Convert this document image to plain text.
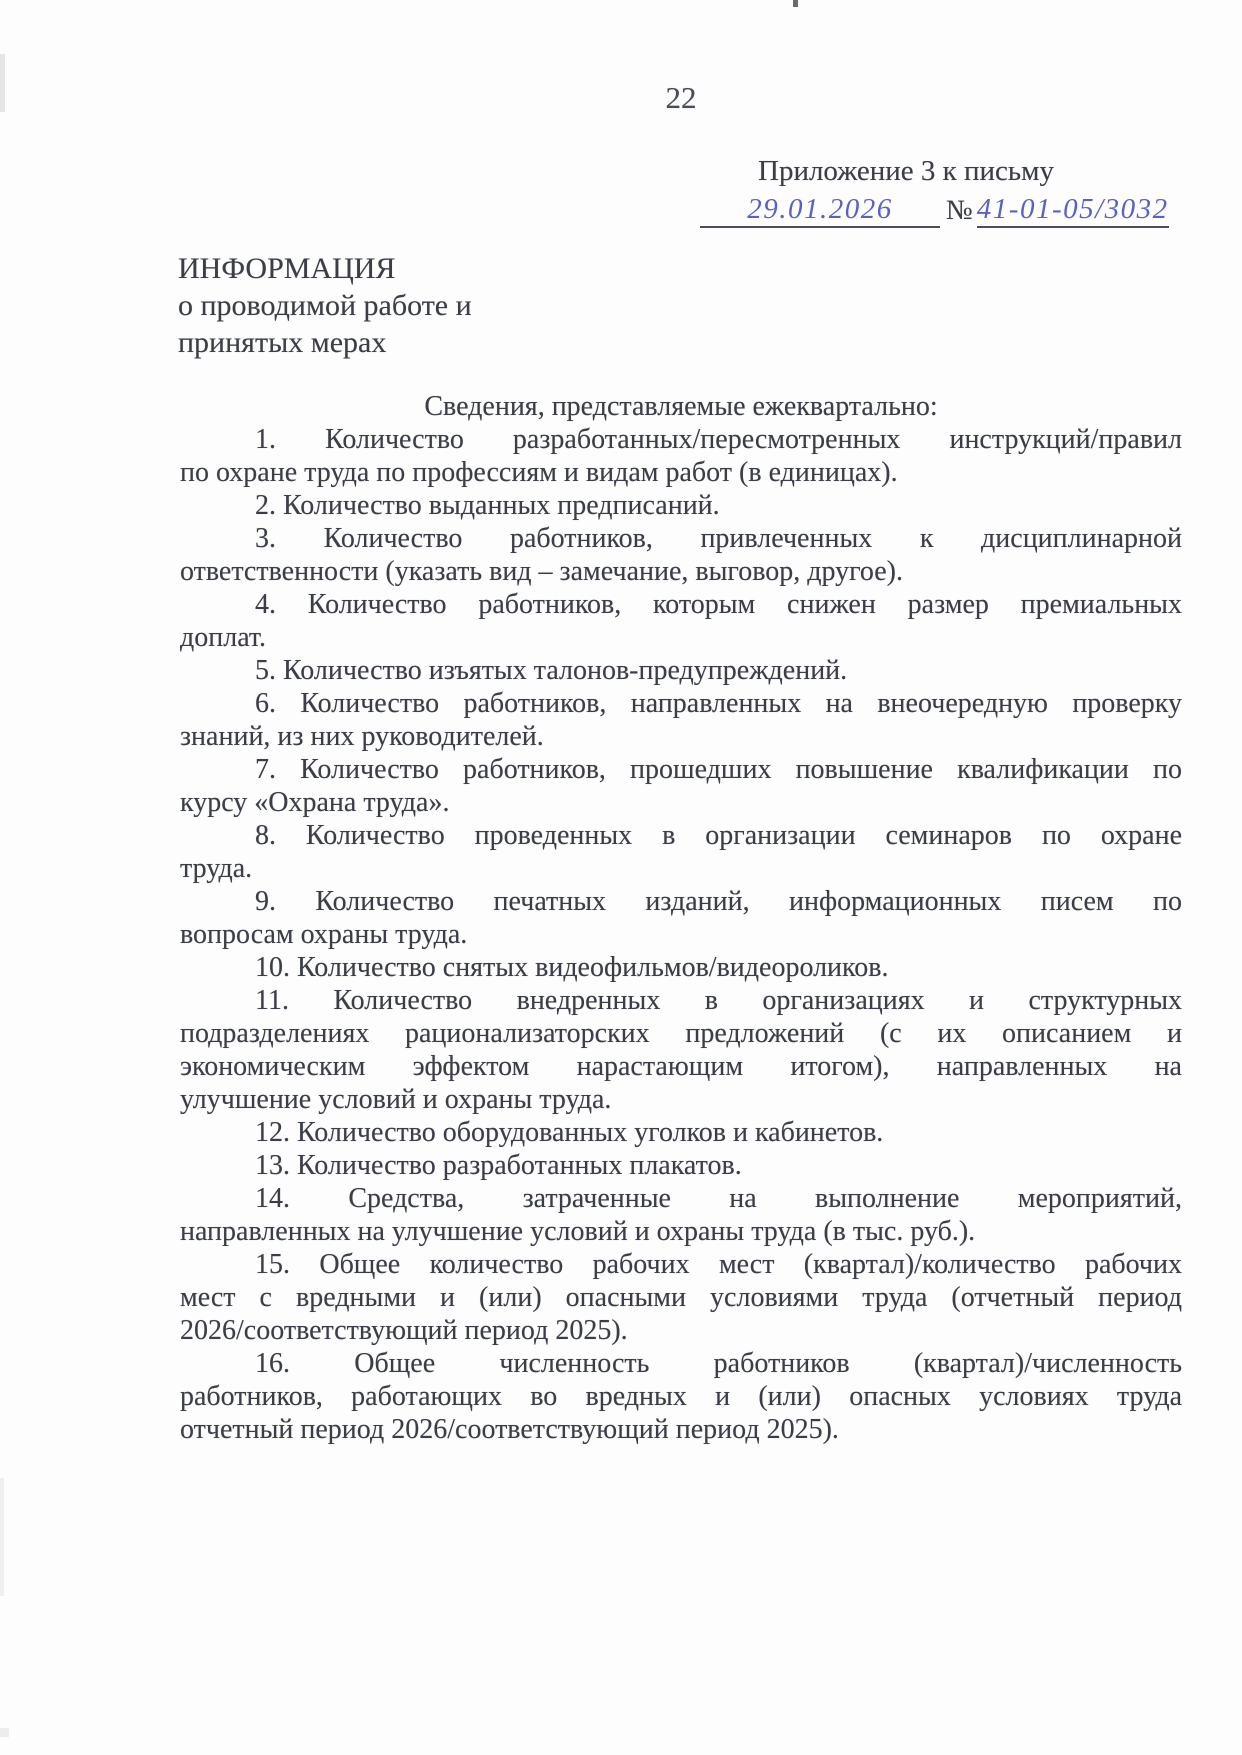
22
Приложение 3 к письму
29.01.2026	№ 41-01-05/3032
ИНФОРМАЦИЯ
о проводимой работе и
принятых мерах
Сведения, представляемые ежеквартально:
1. Количество разработанных/пересмотренных инструкций/правил
по охране труда по профессиям и видам работ (в единицах).
2. Количество выданных предписаний.
3. Количество работников, привлеченных к дисциплинарной
ответственности (указать вид – замечание, выговор, другое).
4. Количество работников, которым снижен размер премиальных
доплат.
5. Количество изъятых талонов-предупреждений.
6. Количество работников, направленных на внеочередную проверку
знаний, из них руководителей.
7. Количество работников, прошедших повышение квалификации по
курсу «Охрана труда».
8. Количество проведенных в организации семинаров по охране
труда.
9. Количество печатных изданий, информационных писем по
вопросам охраны труда.
10. Количество снятых видеофильмов/видеороликов.
11. Количество внедренных в организациях и структурных
подразделениях рационализаторских предложений (с их описанием и
экономическим эффектом нарастающим итогом), направленных на
улучшение условий и охраны труда.
12. Количество оборудованных уголков и кабинетов.
13. Количество разработанных плакатов.
14. Средства, затраченные на выполнение мероприятий,
направленных на улучшение условий и охраны труда (в тыс. руб.).
15. Общее количество рабочих мест (квартал)/количество рабочих
мест с вредными и (или) опасными условиями труда (отчетный период
2026/соответствующий период 2025).
16. Общее численность работников (квартал)/численность
работников, работающих во вредных и (или) опасных условиях труда
отчетный период 2026/соответствующий период 2025).
